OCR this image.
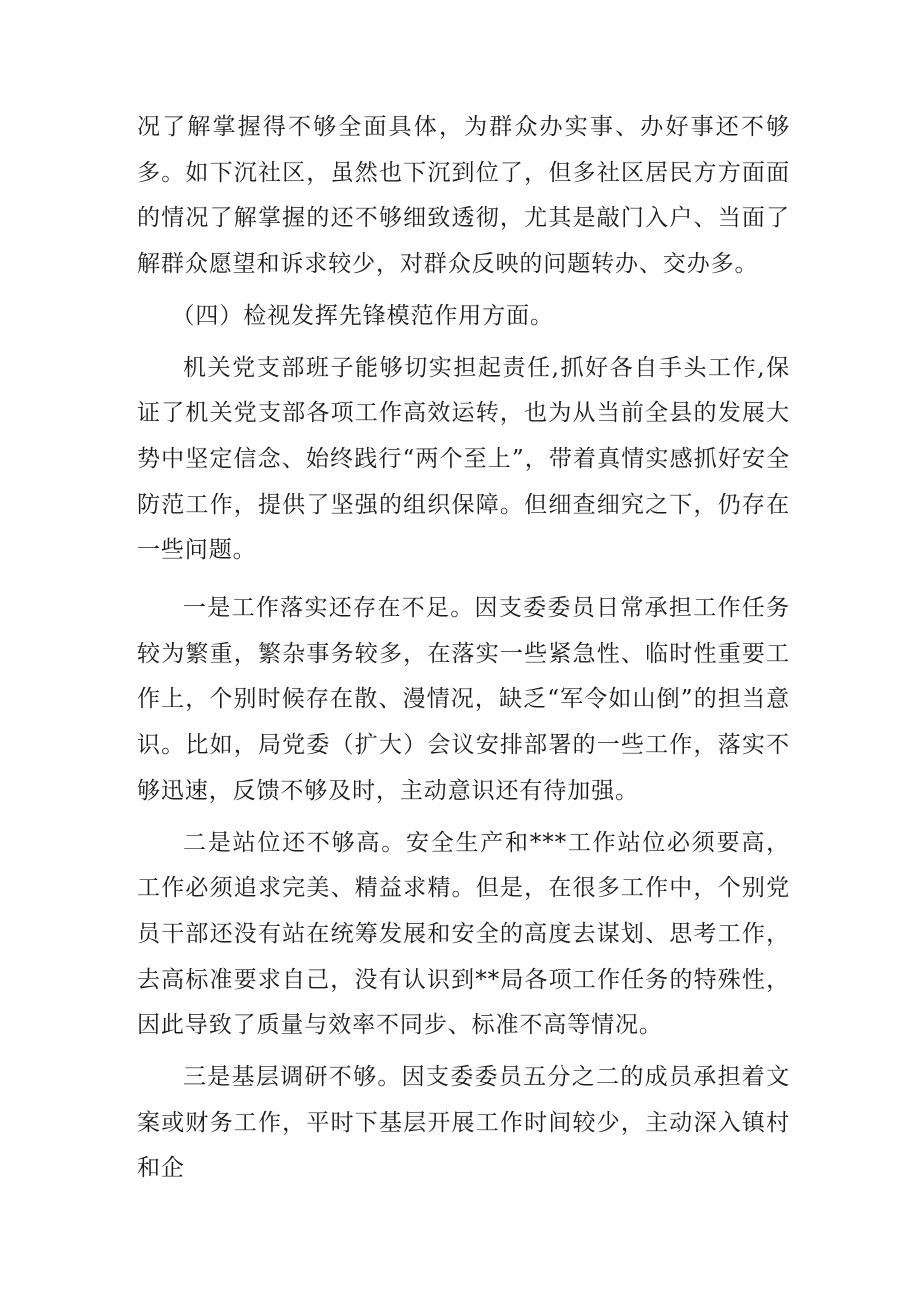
况了解掌握得不够全面具体，为群众办实事、办好事还不够多。如下沉社区，虽然也下沉到位了，但多社区居民方方面面的情况了解掌握的还不够细致透彻，尤其是敲门入户、当面了解群众愿望和诉求较少，对群众反映的问题转办、交办多。

（四）检视发挥先锋模范作用方面。

机关党支部班子能够切实担起责任,抓好各自手头工作,保证了机关党支部各项工作高效运转，也为从当前全县的发展大势中坚定信念、始终践行“两个至上”，带着真情实感抓好安全防范工作，提供了坚强的组织保障。但细查细究之下，仍存在一些问题。

一是工作落实还存在不足。因支委委员日常承担工作任务较为繁重，繁杂事务较多，在落实一些紧急性、临时性重要工作上，个别时候存在散、漫情况，缺乏“军令如山倒”的担当意识。比如，局党委（扩大）会议安排部署的一些工作，落实不够迅速，反馈不够及时，主动意识还有待加强。

二是站位还不够高。安全生产和***工作站位必须要高，工作必须追求完美、精益求精。但是，在很多工作中，个别党员干部还没有站在统筹发展和安全的高度去谋划、思考工作，去高标准要求自己，没有认识到**局各项工作任务的特殊性，因此导致了质量与效率不同步、标准不高等情况。

三是基层调研不够。因支委委员五分之二的成员承担着文案或财务工作，平时下基层开展工作时间较少，主动深入镇村和企
